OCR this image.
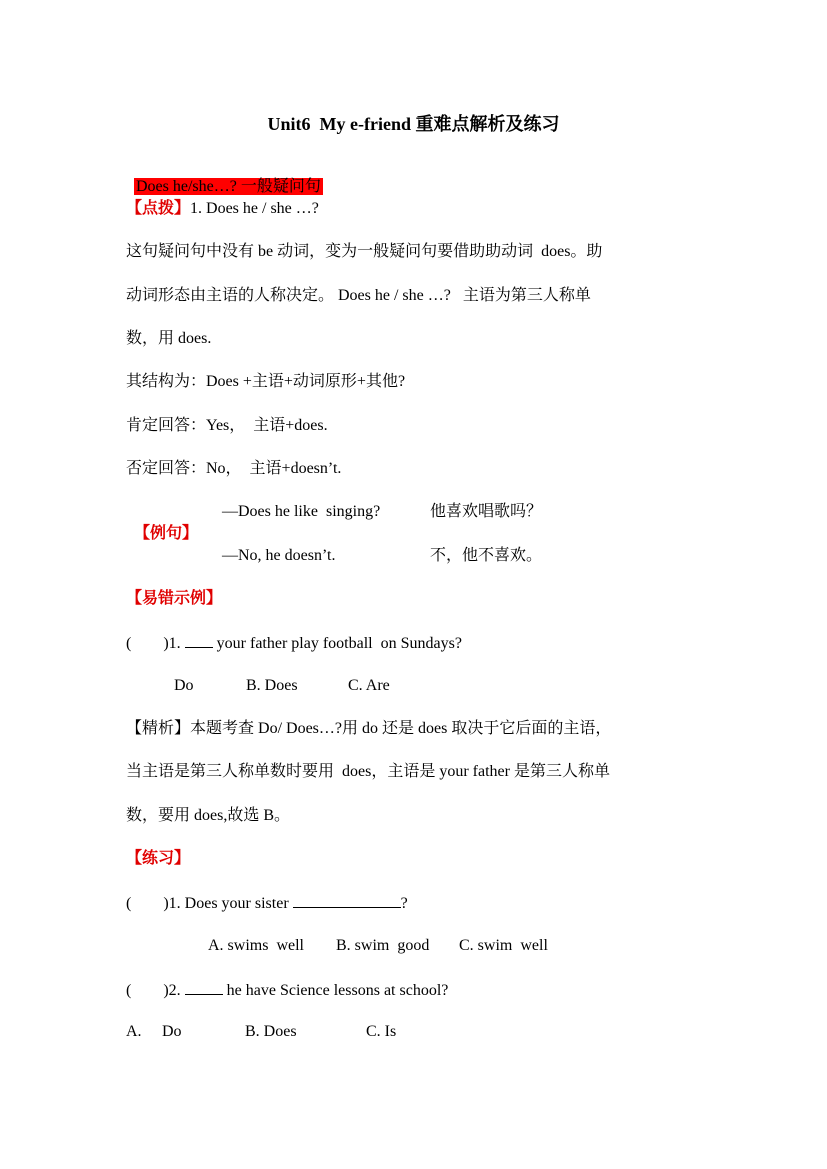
Unit6  My e-friend 重难点解析及练习

Does he/she…? 一般疑问句

【点拨】1. Does he / she …?
这句疑问句中没有 be 动词，变为一般疑问句要借助助动词  does。助
动词形态由主语的人称决定。 Does he / she …?   主语为第三人称单
数，用 does.
其结构为：Does +主语+动词原形+其他?
肯定回答：Yes，  主语+does.
否定回答：No，  主语+doesn’t.

【例句】

—Does he like  singing?	他喜欢唱歌吗？
—No, he doesn’t.	不，他不喜欢。
【易错示例】
(        )1. your father play football  on Sundays?
Do	B. Does	C. Are
【精析】本题考查 Do/ Does…?用 do 还是 does 取决于它后面的主语，
当主语是第三人称单数时要用  does，主语是 your father 是第三人称单
数，要用 does,故选 B。
【练习】
(        )1. Does your sister	?
A. swims  well B. swim  good C. swim  well
(        )2.	he have Science lessons at school?
A. Do	B. Does	C. Is
